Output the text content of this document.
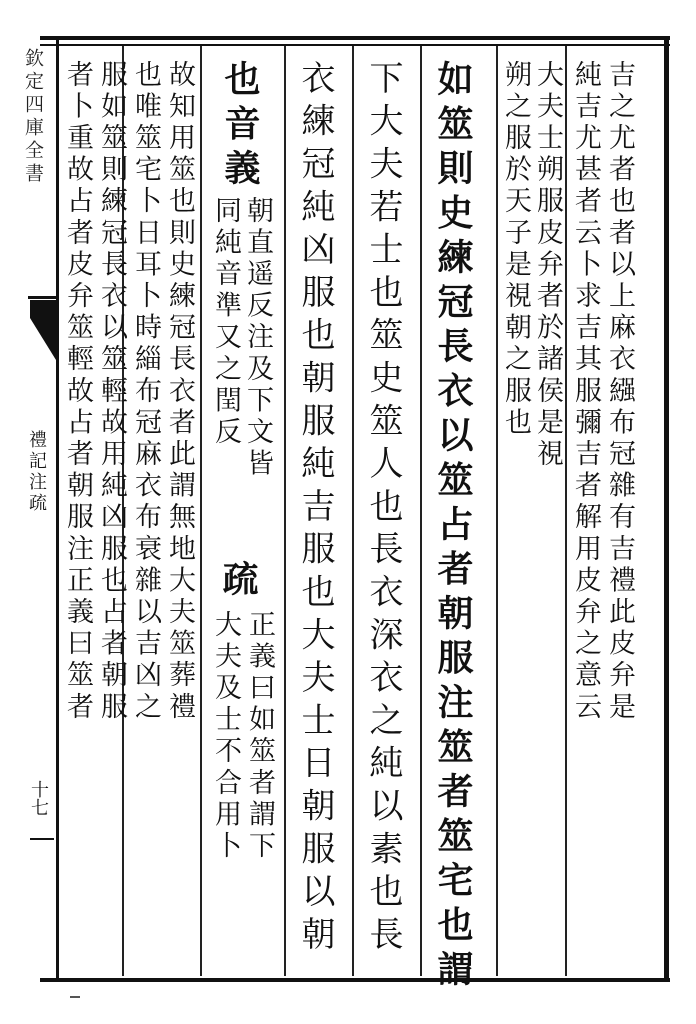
欽定四庫全書
禮記注疏
十七
吉之尤者也者以上麻衣繦布冠雜有吉禮此皮弁是
純吉尤甚者云卜求吉其服彌吉者解用皮弁之意云
大夫士朔服皮弁者於諸侯是視
朔之服於天子是視朝之服也
如筮則史練冠長衣以筮占者朝服注筮者筮宅也謂
下大夫若士也筮史筮人也長衣深衣之純以素也長
衣練冠純凶服也朝服純吉服也大夫士日朝服以朝
也音義
朝直遥反注及下文皆
同純音準又之閏反
疏
正義曰如筮者謂下
大夫及士不合用卜
故知用筮也則史練冠長衣者此謂無地大夫筮葬禮
也唯筮宅卜日耳卜時緇布冠麻衣布衰雜以吉凶之
服如筮則練冠長衣以筮輕故用純凶服也占者朝服
者卜重故占者皮弁筮輕故占者朝服注正義曰筮者
